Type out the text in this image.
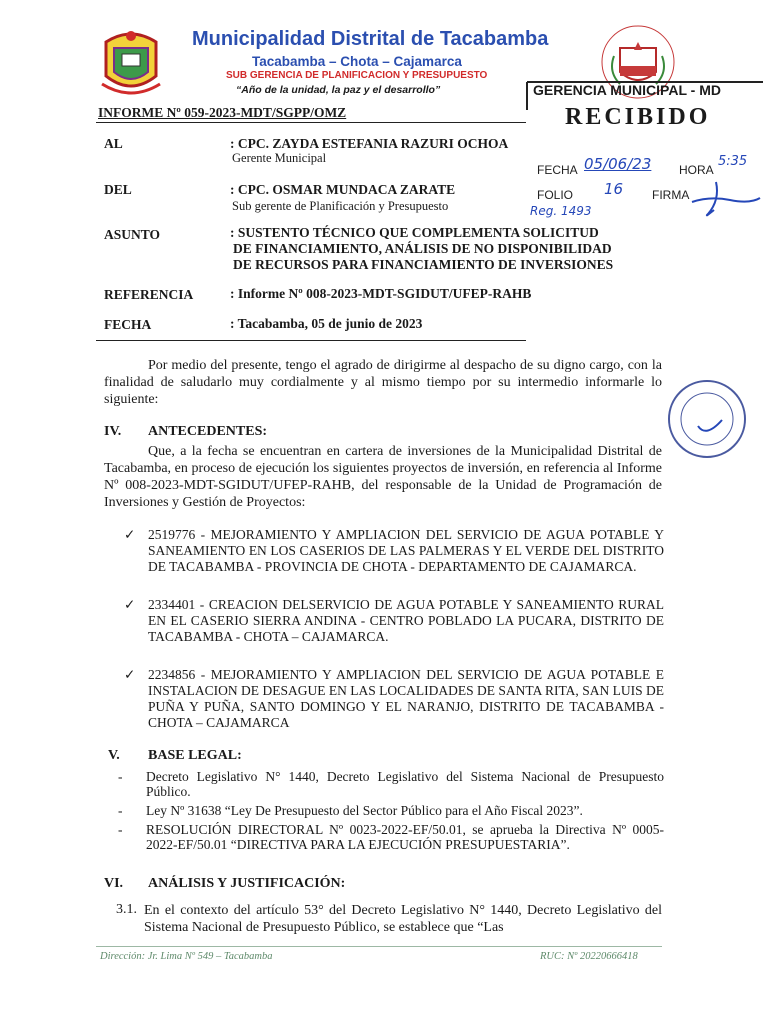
Municipalidad Distrital de Tacabamba
Tacabamba – Chota – Cajamarca
SUB GERENCIA DE PLANIFICACION Y PRESUPUESTO
“Año de la unidad, la paz y el desarrollo”	GERENCIA MUNICIPAL - MD
RECIBIDO
FECHA 05/06/23 HORA
5:35
FOLIO 16 FIRMA
Reg. 1493
INFORME Nº 059-2023-MDT/SGPP/OMZ
AL	: CPC. ZAYDA ESTEFANIA RAZURI OCHOA
Gerente Municipal
DEL	: CPC. OSMAR MUNDACA ZARATE
Sub gerente de Planificación y Presupuesto
ASUNTO	: SUSTENTO TÉCNICO QUE COMPLEMENTA SOLICITUD
DE FINANCIAMIENTO, ANÁLISIS DE NO DISPONIBILIDAD
DE RECURSOS PARA FINANCIAMIENTO DE INVERSIONES
REFERENCIA	: Informe Nº 008-2023-MDT-SGIDUT/UFEP-RAHB
FECHA	: Tacabamba, 05 de junio de 2023
Por medio del presente, tengo el agrado de dirigirme al despacho de su digno cargo, con la finalidad de saludarlo muy cordialmente y al mismo tiempo por su intermedio informarle lo siguiente:
IV. ANTECEDENTES:
Que, a la fecha se encuentran en cartera de inversiones de la Municipalidad Distrital de Tacabamba, en proceso de ejecución los siguientes proyectos de inversión, en referencia al Informe Nº 008-2023-MDT-SGIDUT/UFEP-RAHB, del responsable de la Unidad de Programación de Inversiones y Gestión de Proyectos:
✓ 2519776 - MEJORAMIENTO Y AMPLIACION DEL SERVICIO DE AGUA POTABLE Y SANEAMIENTO EN LOS CASERIOS DE LAS PALMERAS Y EL VERDE DEL DISTRITO DE TACABAMBA - PROVINCIA DE CHOTA - DEPARTAMENTO DE CAJAMARCA.
✓ 2334401 - CREACION DELSERVICIO DE AGUA POTABLE Y SANEAMIENTO RURAL EN EL CASERIO SIERRA ANDINA - CENTRO POBLADO LA PUCARA, DISTRITO DE TACABAMBA - CHOTA – CAJAMARCA.
✓ 2234856 - MEJORAMIENTO Y AMPLIACION DEL SERVICIO DE AGUA POTABLE E INSTALACION DE DESAGUE EN LAS LOCALIDADES DE SANTA RITA, SAN LUIS DE PUÑA Y PUÑA, SANTO DOMINGO Y EL NARANJO, DISTRITO DE TACABAMBA - CHOTA – CAJAMARCA
V. BASE LEGAL:
- Decreto Legislativo N° 1440, Decreto Legislativo del Sistema Nacional de Presupuesto Público.
- Ley Nº 31638 “Ley De Presupuesto del Sector Público para el Año Fiscal 2023”.
- RESOLUCIÓN DIRECTORAL Nº 0023-2022-EF/50.01, se aprueba la Directiva Nº 0005-2022-EF/50.01 “DIRECTIVA PARA LA EJECUCIÓN PRESUPUESTARIA”.
VI. ANÁLISIS Y JUSTIFICACIÓN:
3.1. En el contexto del artículo 53° del Decreto Legislativo N° 1440, Decreto Legislativo del Sistema Nacional de Presupuesto Público, se establece que “Las
Dirección: Jr. Lima Nº 549 – Tacabamba	RUC: Nº 20220666418
